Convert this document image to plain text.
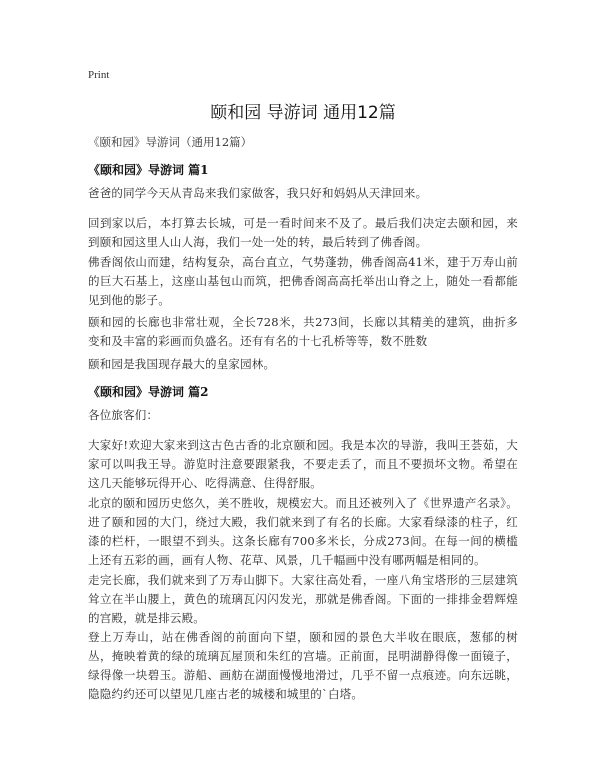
Print
颐和园 导游词 通用12篇
《颐和园》导游词（通用12篇）
《颐和园》导游词 篇1

爸爸的同学今天从青岛来我们家做客，我只好和妈妈从天津回来。

回到家以后，本打算去长城，可是一看时间来不及了。最后我们决定去颐和园，来到颐和园这里人山人海，我们一处一处的转，最后转到了佛香阁。

佛香阁依山而建，结构复杂，高台直立，气势蓬勃，佛香阁高41米，建于万寿山前的巨大石基上，这座山基包山而筑，把佛香阁高高托举出山脊之上，随处一看都能见到他的影子。

颐和园的长廊也非常壮观，全长728米，共273间，长廊以其精美的建筑，曲折多变和及丰富的彩画而负盛名。还有有名的十七孔桥等等，数不胜数

颐和园是我国现存最大的皇家园林。

《颐和园》导游词 篇2

各位旅客们：

大家好!欢迎大家来到这古色古香的北京颐和园。我是本次的导游，我叫王荟茹，大家可以叫我王导。游览时注意要跟紧我，不要走丢了，而且不要损坏文物。希望在这几天能够玩得开心、吃得满意、住得舒服。

北京的颐和园历史悠久，美不胜收，规模宏大。而且还被列入了《世界遗产名录》。进了颐和园的大门，绕过大殿，我们就来到了有名的长廊。大家看绿漆的柱子，红漆的栏杆，一眼望不到头。这条长廊有700多米长，分成273间。在每一间的横槛上还有五彩的画，画有人物、花草、风景，几千幅画中没有哪两幅是相同的。

走完长廊，我们就来到了万寿山脚下。大家往高处看，一座八角宝塔形的三层建筑耸立在半山腰上，黄色的琉璃瓦闪闪发光，那就是佛香阁。下面的一排排金碧辉煌的宫殿，就是排云殿。

登上万寿山，站在佛香阁的前面向下望，颐和园的景色大半收在眼底，葱郁的树丛，掩映着黄的绿的琉璃瓦屋顶和朱红的宫墙。正前面，昆明湖静得像一面镜子，绿得像一块碧玉。游船、画舫在湖面慢慢地滑过，几乎不留一点痕迹。向东远眺，隐隐约约还可以望见几座古老的城楼和城里的`白塔。
